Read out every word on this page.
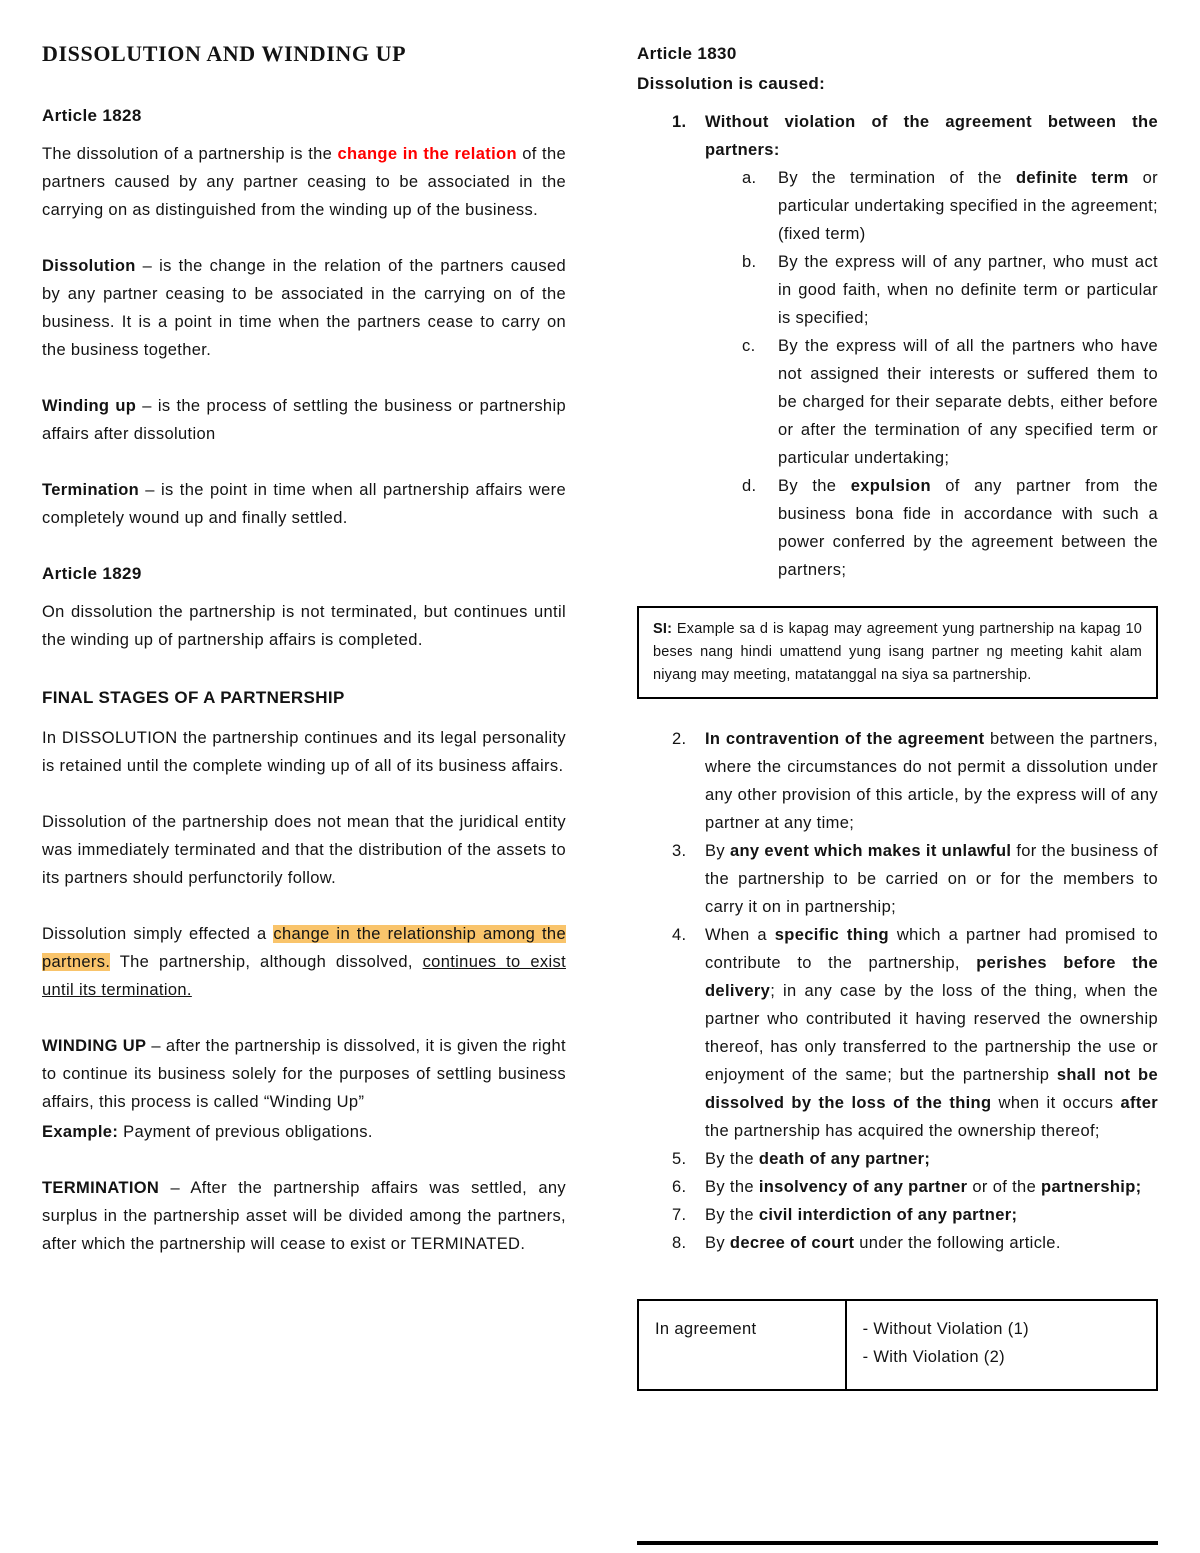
DISSOLUTION AND WINDING UP
Article 1828

The dissolution of a partnership is the change in the relation of the partners caused by any partner ceasing to be associated in the carrying on as distinguished from the winding up of the business.

Dissolution – is the change in the relation of the partners caused by any partner ceasing to be associated in the carrying on of the business. It is a point in time when the partners cease to carry on the business together.

Winding up – is the process of settling the business or partnership affairs after dissolution

Termination – is the point in time when all partnership affairs were completely wound up and finally settled.

Article 1829

On dissolution the partnership is not terminated, but continues until the winding up of partnership affairs is completed.

FINAL STAGES OF A PARTNERSHIP

In DISSOLUTION the partnership continues and its legal personality is retained until the complete winding up of all of its business affairs.

Dissolution of the partnership does not mean that the juridical entity was immediately terminated and that the distribution of the assets to its partners should perfunctorily follow.

Dissolution simply effected a change in the relationship among the partners. The partnership, although dissolved, continues to exist until its termination.

WINDING UP – after the partnership is dissolved, it is given the right to continue its business solely for the purposes of settling business affairs, this process is called “Winding Up”

Example: Payment of previous obligations.

TERMINATION – After the partnership affairs was settled, any surplus in the partnership asset will be divided among the partners, after which the partnership will cease to exist or TERMINATED.

Article 1830
Dissolution is caused:
1.	Without violation of the agreement between the partners:
a.	By the termination of the definite term or particular undertaking specified in the agreement; (fixed term)
b.	By the express will of any partner, who must act in good faith, when no definite term or particular is specified;
c.	By the express will of all the partners who have not assigned their interests or suffered them to be charged for their separate debts, either before or after the termination of any specified term or particular undertaking;
d.	By the expulsion of any partner from the business bona fide in accordance with such a power conferred by the agreement between the partners;
SI: Example sa d is kapag may agreement yung partnership na kapag 10 beses nang hindi umattend yung isang partner ng meeting kahit alam niyang may meeting, matatanggal na siya sa partnership.
2.	In contravention of the agreement between the partners, where the circumstances do not permit a dissolution under any other provision of this article, by the express will of any partner at any time;
3.	By any event which makes it unlawful for the business of the partnership to be carried on or for the members to carry it on in partnership;
4.	When a specific thing which a partner had promised to contribute to the partnership, perishes before the delivery; in any case by the loss of the thing, when the partner who contributed it having reserved the ownership thereof, has only transferred to the partnership the use or enjoyment of the same; but the partnership shall not be dissolved by the loss of the thing when it occurs after the partnership has acquired the ownership thereof;
5.	By the death of any partner;
6.	By the insolvency of any partner or of the partnership;
7.	By the civil interdiction of any partner;
8.	By decree of court under the following article.
In agreement	- Without Violation (1)
- With Violation (2)
